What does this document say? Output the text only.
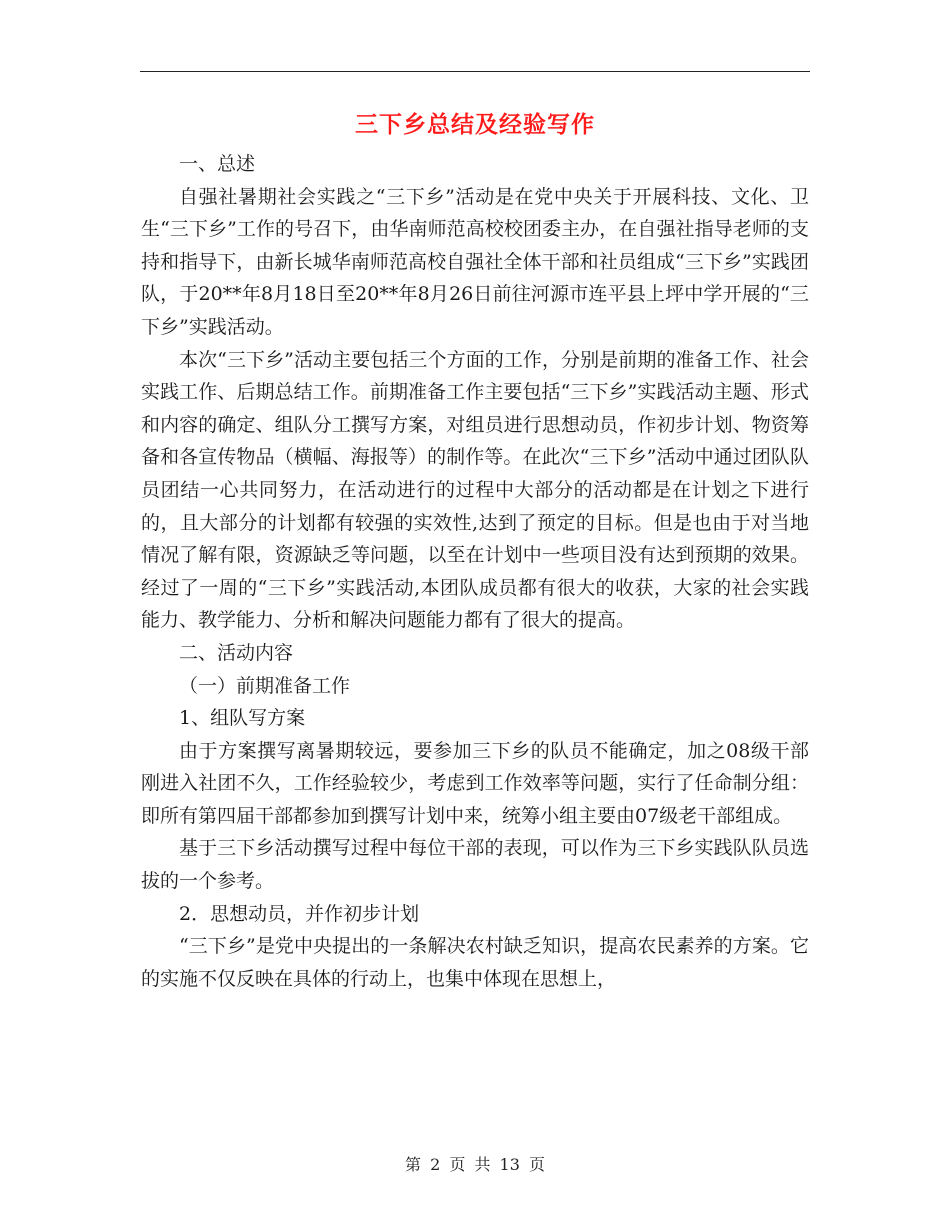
三下乡总结及经验写作

一、总述

自强社暑期社会实践之“三下乡”活动是在党中央关于开展科技、文化、卫生“三下乡”工作的号召下，由华南师范高校校团委主办，在自强社指导老师的支持和指导下，由新长城华南师范高校自强社全体干部和社员组成“三下乡”实践团队，于20**年8月18日至20**年8月26日前往河源市连平县上坪中学开展的“三下乡”实践活动。

本次“三下乡”活动主要包括三个方面的工作，分别是前期的准备工作、社会实践工作、后期总结工作。前期准备工作主要包括“三下乡”实践活动主题、形式和内容的确定、组队分工撰写方案，对组员进行思想动员，作初步计划、物资筹备和各宣传物品（横幅、海报等）的制作等。在此次“三下乡”活动中通过团队队员团结一心共同努力，在活动进行的过程中大部分的活动都是在计划之下进行的，且大部分的计划都有较强的实效性,达到了预定的目标。但是也由于对当地情况了解有限，资源缺乏等问题，以至在计划中一些项目没有达到预期的效果。经过了一周的“三下乡”实践活动,本团队成员都有很大的收获，大家的社会实践能力、教学能力、分析和解决问题能力都有了很大的提高。

二、活动内容

（一）前期准备工作

1、组队写方案

由于方案撰写离暑期较远，要参加三下乡的队员不能确定，加之08级干部刚进入社团不久，工作经验较少，考虑到工作效率等问题，实行了任命制分组：即所有第四届干部都参加到撰写计划中来，统筹小组主要由07级老干部组成。

基于三下乡活动撰写过程中每位干部的表现，可以作为三下乡实践队队员选拔的一个参考。

2．思想动员，并作初步计划

“三下乡”是党中央提出的一条解决农村缺乏知识，提高农民素养的方案。它的实施不仅反映在具体的行动上，也集中体现在思想上，

第 2 页 共 13 页
